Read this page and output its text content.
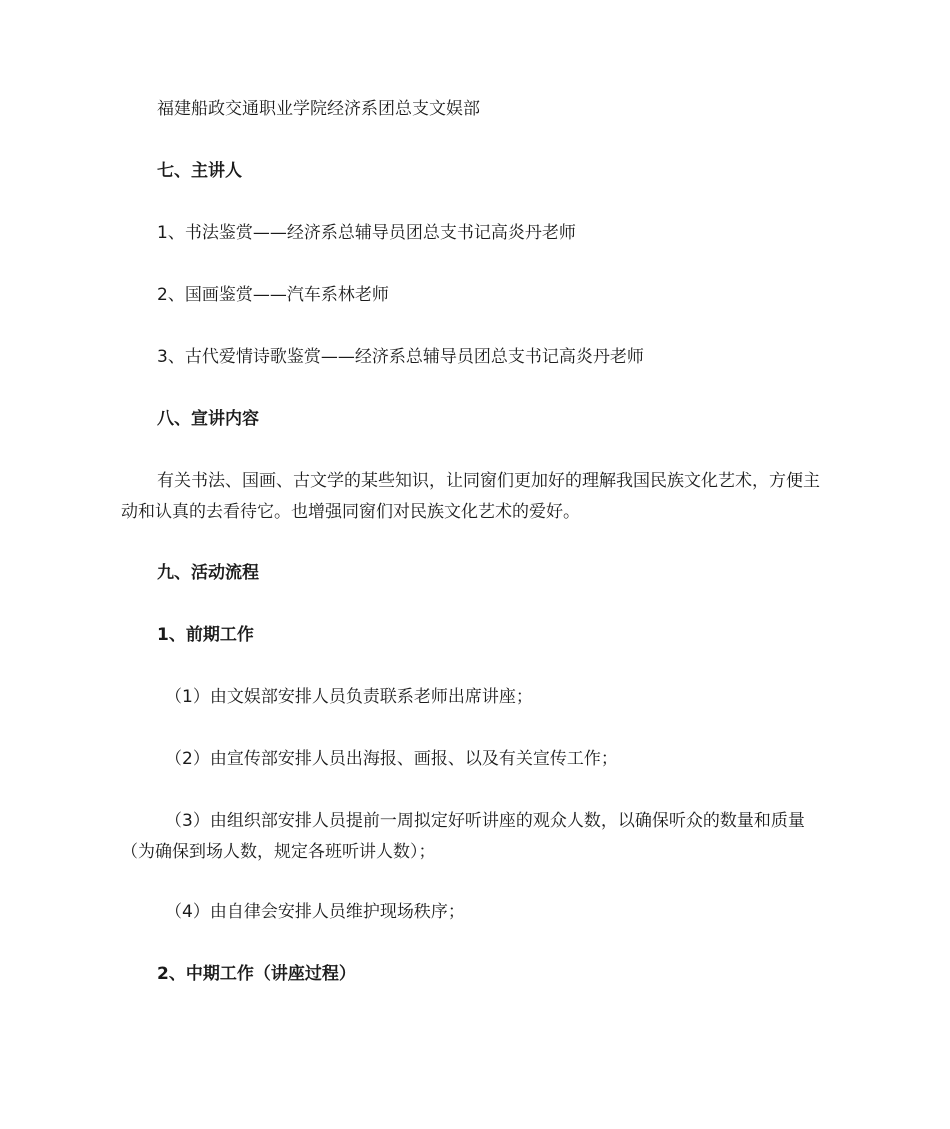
福建船政交通职业学院经济系团总支文娱部
七、主讲人
1、书法鉴赏——经济系总辅导员团总支书记高炎丹老师
2、国画鉴赏——汽车系林老师
3、古代爱情诗歌鉴赏——经济系总辅导员团总支书记高炎丹老师
八、宣讲内容
有关书法、国画、古文学的某些知识，让同窗们更加好的理解我国民族文化艺术，方便主动和认真的去看待它。也增强同窗们对民族文化艺术的爱好。
九、活动流程
1、前期工作
（1）由文娱部安排人员负责联系老师出席讲座；
（2）由宣传部安排人员出海报、画报、以及有关宣传工作；
（3）由组织部安排人员提前一周拟定好听讲座的观众人数，以确保听众的数量和质量（为确保到场人数，规定各班听讲人数）；
（4）由自律会安排人员维护现场秩序；
2、中期工作（讲座过程）
